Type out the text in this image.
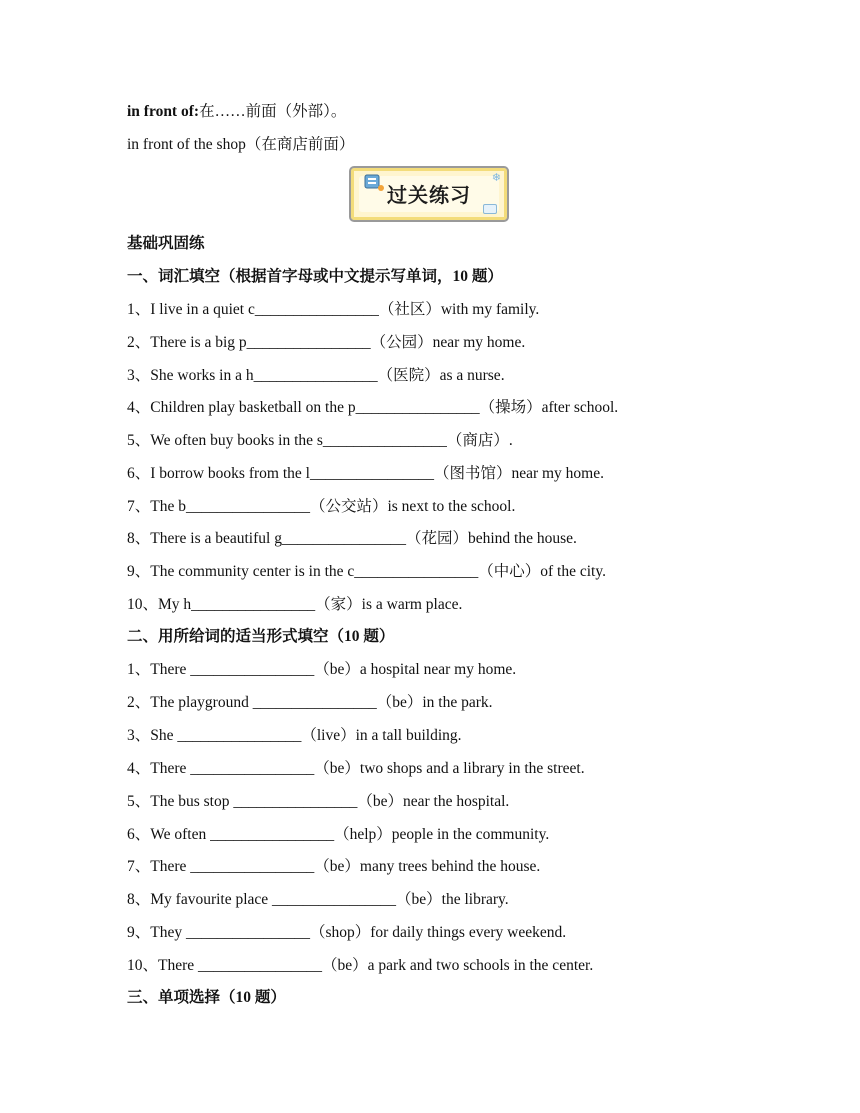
in front of:在……前面（外部）。
in front of the shop（在商店前面）
❄
过关练习
基础巩固练
一、词汇填空（根据首字母或中文提示写单词，10 题）
1、I live in a quiet c________________（社区）with my family.
2、There is a big p________________（公园）near my home.
3、She works in a h________________（医院）as a nurse.
4、Children play basketball on the p________________（操场）after school.
5、We often buy books in the s________________（商店）.
6、I borrow books from the l________________（图书馆）near my home.
7、The b________________（公交站）is next to the school.
8、There is a beautiful g________________（花园）behind the house.
9、The community center is in the c________________（中心）of the city.
10、My h________________（家）is a warm place.
二、用所给词的适当形式填空（10 题）
1、There ________________（be）a hospital near my home.
2、The playground ________________（be）in the park.
3、She ________________（live）in a tall building.
4、There ________________（be）two shops and a library in the street.
5、The bus stop ________________（be）near the hospital.
6、We often ________________（help）people in the community.
7、There ________________（be）many trees behind the house.
8、My favourite place ________________（be）the library.
9、They ________________（shop）for daily things every weekend.
10、There ________________（be）a park and two schools in the center.
三、单项选择（10 题）
